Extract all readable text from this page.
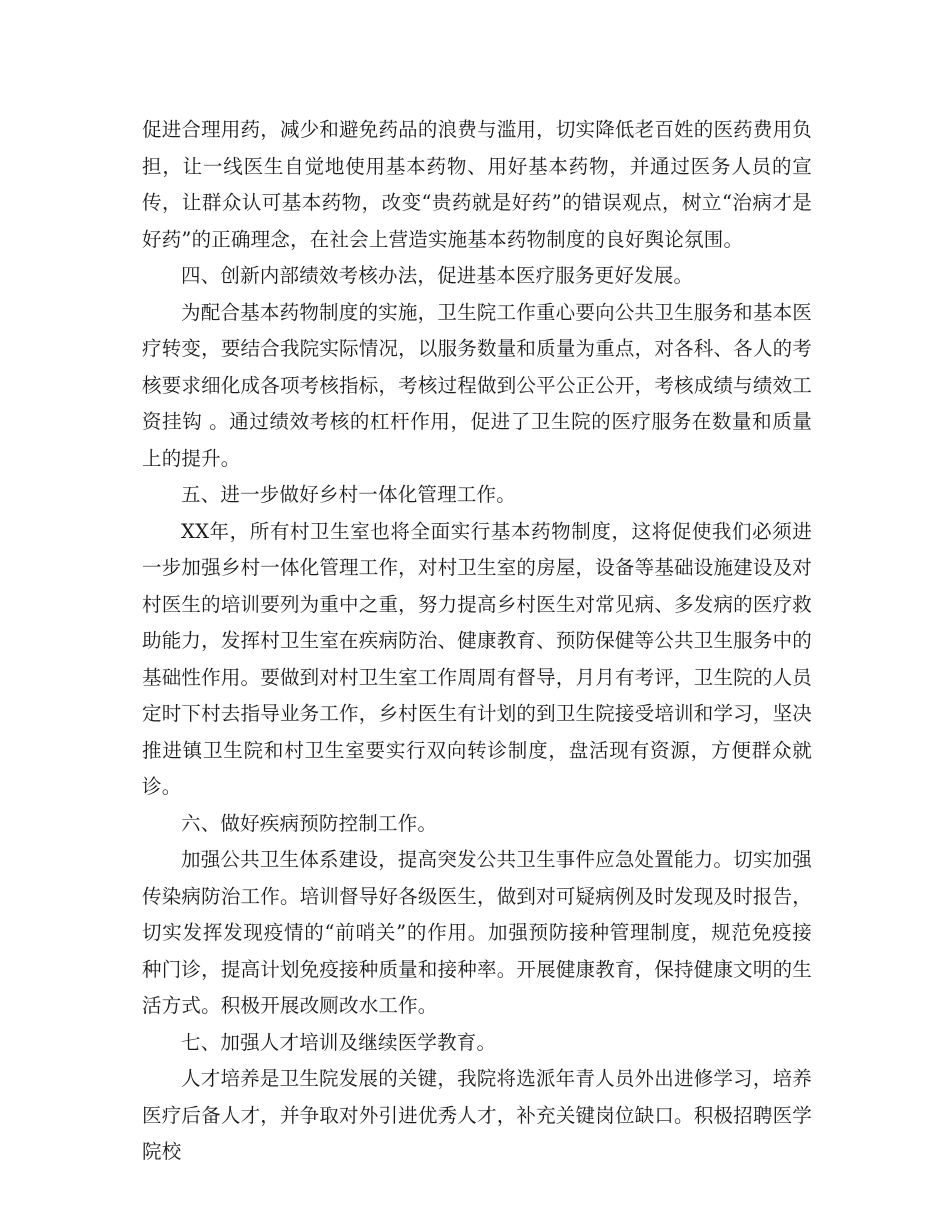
促进合理用药，减少和避免药品的浪费与滥用，切实降低老百姓的医药费用负担，让一线医生自觉地使用基本药物、用好基本药物，并通过医务人员的宣传，让群众认可基本药物，改变“贵药就是好药”的错误观点，树立“治病才是好药”的正确理念，在社会上营造实施基本药物制度的良好舆论氛围。

四、创新内部绩效考核办法，促进基本医疗服务更好发展。

为配合基本药物制度的实施，卫生院工作重心要向公共卫生服务和基本医疗转变，要结合我院实际情况，以服务数量和质量为重点，对各科、各人的考核要求细化成各项考核指标，考核过程做到公平公正公开，考核成绩与绩效工资挂钩 。通过绩效考核的杠杆作用，促进了卫生院的医疗服务在数量和质量上的提升。

五、进一步做好乡村一体化管理工作。

XX年，所有村卫生室也将全面实行基本药物制度，这将促使我们必须进一步加强乡村一体化管理工作，对村卫生室的房屋，设备等基础设施建设及对村医生的培训要列为重中之重，努力提高乡村医生对常见病、多发病的医疗救助能力，发挥村卫生室在疾病防治、健康教育、预防保健等公共卫生服务中的基础性作用。要做到对村卫生室工作周周有督导，月月有考评，卫生院的人员定时下村去指导业务工作，乡村医生有计划的到卫生院接受培训和学习，坚决推进镇卫生院和村卫生室要实行双向转诊制度，盘活现有资源，方便群众就诊。

六、做好疾病预防控制工作。

加强公共卫生体系建设，提高突发公共卫生事件应急处置能力。切实加强传染病防治工作。培训督导好各级医生，做到对可疑病例及时发现及时报告，切实发挥发现疫情的“前哨关”的作用。加强预防接种管理制度，规范免疫接种门诊，提高计划免疫接种质量和接种率。开展健康教育，保持健康文明的生活方式。积极开展改厕改水工作。

七、加强人才培训及继续医学教育。

人才培养是卫生院发展的关键，我院将选派年青人员外出进修学习，培养医疗后备人才，并争取对外引进优秀人才，补充关键岗位缺口。积极招聘医学院校
